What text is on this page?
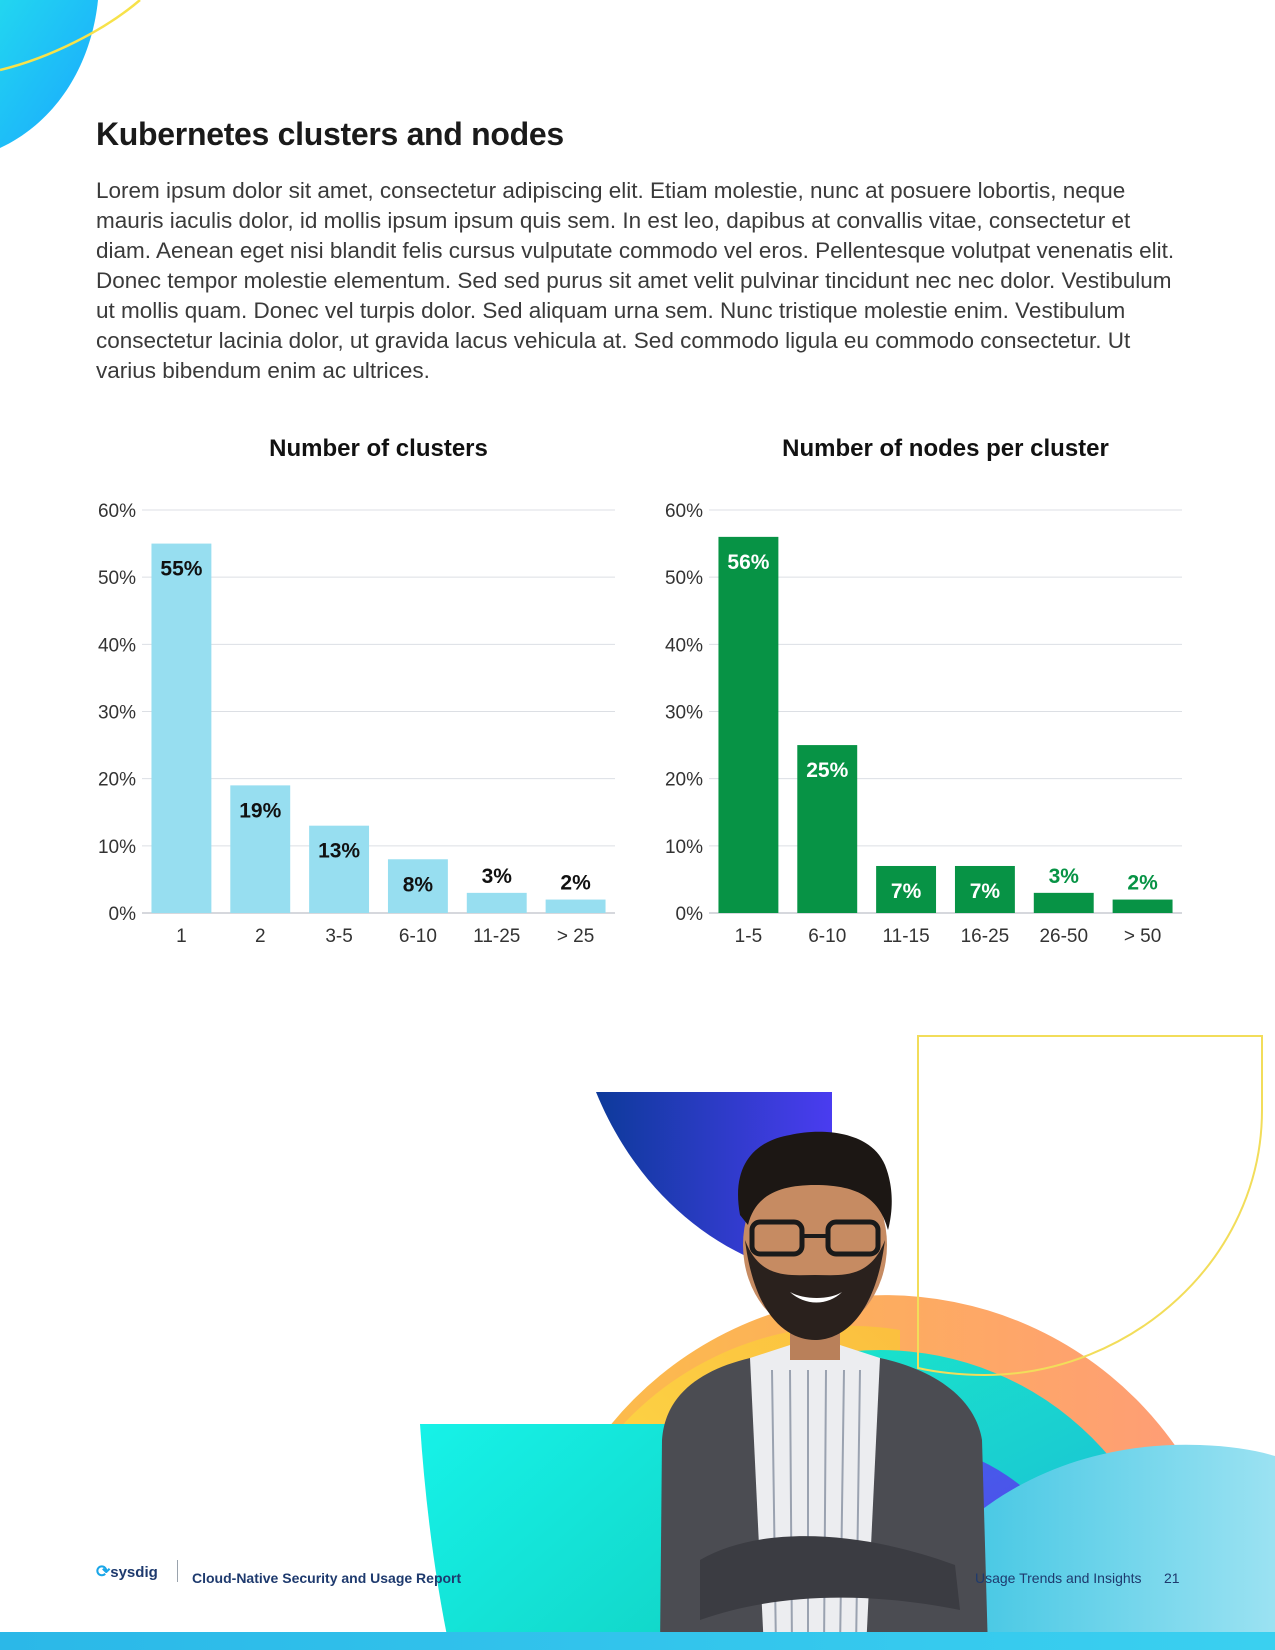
Kubernetes clusters and nodes

Lorem ipsum dolor sit amet, consectetur adipiscing elit. Etiam molestie, nunc at posuere lobortis, neque mauris iaculis dolor, id mollis ipsum ipsum quis sem. In est leo, dapibus at convallis vitae, consectetur et diam. Aenean eget nisi blandit felis cursus vulputate commodo vel eros. Pellentesque volutpat venenatis elit. Donec tempor molestie elementum. Sed sed purus sit amet velit pulvinar tincidunt nec nec dolor. Vestibulum ut mollis quam. Donec vel turpis dolor. Sed aliquam urna sem. Nunc tristique molestie enim. Vestibulum consectetur lacinia dolor, ut gravida lacus vehicula at. Sed commodo ligula eu commodo consectetur. Ut varius bibendum enim ac ultrices.

Number of clusters
0%
10%
20%
30%
40%
50%
60%
55%
1
19%
2
13%
3-5
8%
6-10
3%
11-25
2%
> 25
Number of nodes per cluster
0%
10%
20%
30%
40%
50%
60%
56%
1-5
25%
6-10
7%
11-15
7%
16-25
3%
26-50
2%
> 50
⟳sysdig Cloud-Native Security and Usage Report	Usage Trends and Insights 21
